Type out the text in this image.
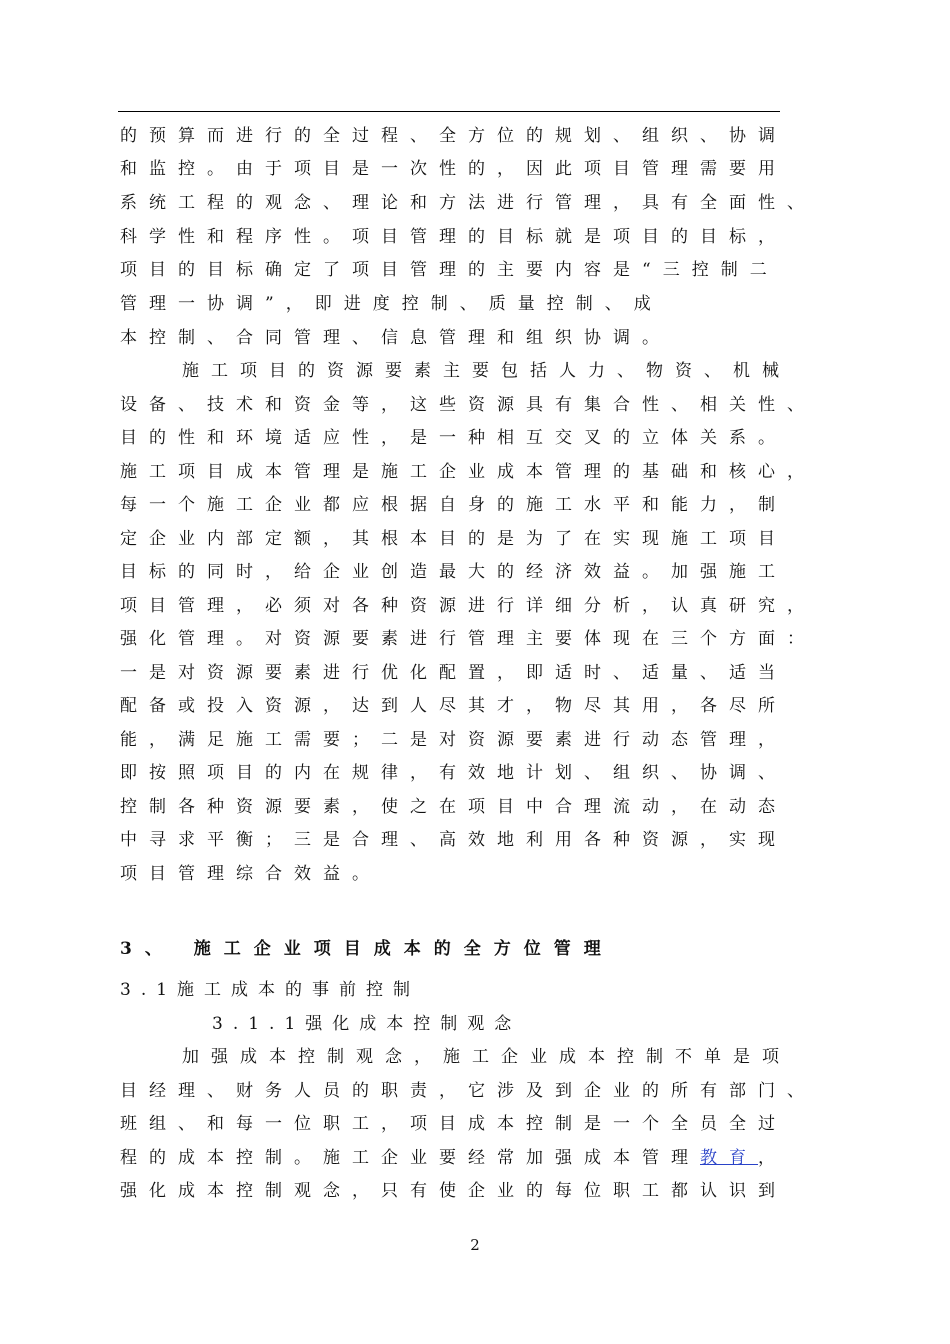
的预算而进行的全过程、全方位的规划、组织、协调
和监控。由于项目是一次性的，因此项目管理需要用
系统工程的观念、理论和方法进行管理，具有全面性、
科学性和程序性。项目管理的目标就是项目的目标，
项目的目标确定了项目管理的主要内容是“三控制二
管理一协调”，即进度控制、质量控制、成
本控制、合同管理、信息管理和组织协调。
施工项目的资源要素主要包括人力、物资、机械
设备、技术和资金等，这些资源具有集合性、相关性、
目的性和环境适应性，是一种相互交叉的立体关系。
施工项目成本管理是施工企业成本管理的基础和核心，
每一个施工企业都应根据自身的施工水平和能力，制
定企业内部定额，其根本目的是为了在实现施工项目
目标的同时，给企业创造最大的经济效益。加强施工
项目管理，必须对各种资源进行详细分析，认真研究，
强化管理。对资源要素进行管理主要体现在三个方面：
一是对资源要素进行优化配置，即适时、适量、适当
配备或投入资源，达到人尽其才，物尽其用，各尽所
能，满足施工需要；二是对资源要素进行动态管理，
即按照项目的内在规律，有效地计划、组织、协调、
控制各种资源要素，使之在项目中合理流动，在动态
中寻求平衡；三是合理、高效地利用各种资源，实现
项目管理综合效益。
3、 施工企业项目成本的全方位管理
3.1施工成本的事前控制
3.1.1强化成本控制观念
加强成本控制观念，施工企业成本控制不单是项
目经理、财务人员的职责，它涉及到企业的所有部门、
班组、和每一位职工，项目成本控制是一个全员全过
程的成本控制。施工企业要经常加强成本管理教育，
强化成本控制观念，只有使企业的每位职工都认识到
2
